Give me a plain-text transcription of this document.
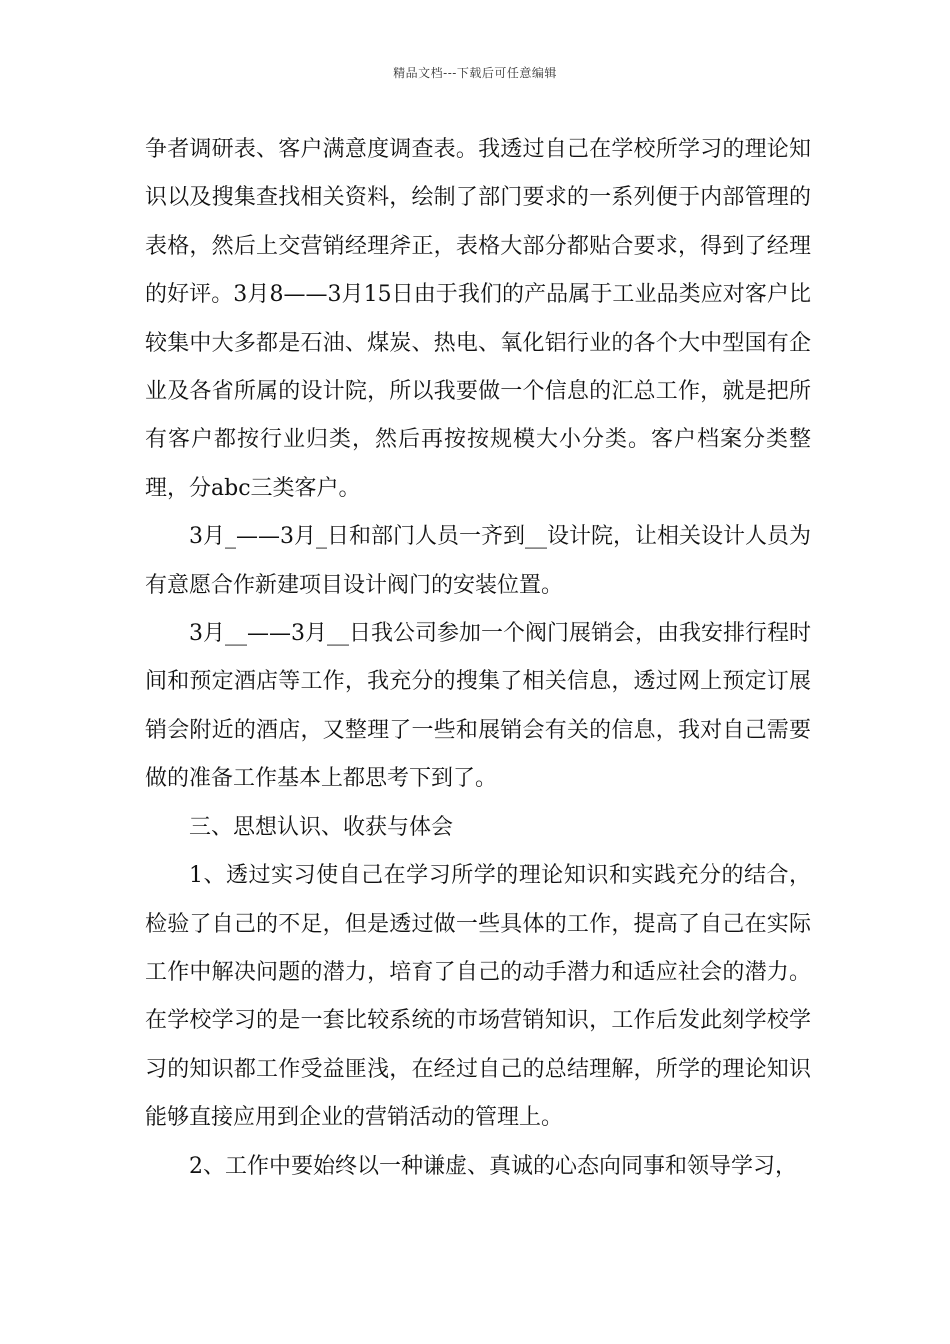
精品文档---下载后可任意编辑

争者调研表、客户满意度调查表。我透过自己在学校所学习的理论知识以及搜集查找相关资料，绘制了部门要求的一系列便于内部管理的表格，然后上交营销经理斧正，表格大部分都贴合要求，得到了经理的好评。3月8——3月15日由于我们的产品属于工业品类应对客户比较集中大多都是石油、煤炭、热电、氧化铝行业的各个大中型国有企业及各省所属的设计院，所以我要做一个信息的汇总工作，就是把所有客户都按行业归类，然后再按按规模大小分类。客户档案分类整理，分abc三类客户。

3月_——3月_日和部门人员一齐到__设计院，让相关设计人员为有意愿合作新建项目设计阀门的安装位置。

3月__——3月__日我公司参加一个阀门展销会，由我安排行程时间和预定酒店等工作，我充分的搜集了相关信息，透过网上预定订展销会附近的酒店，又整理了一些和展销会有关的信息，我对自己需要做的准备工作基本上都思考下到了。

三、思想认识、收获与体会

1、透过实习使自己在学习所学的理论知识和实践充分的结合，检验了自己的不足，但是透过做一些具体的工作，提高了自己在实际工作中解决问题的潜力，培育了自己的动手潜力和适应社会的潜力。在学校学习的是一套比较系统的市场营销知识，工作后发此刻学校学习的知识都工作受益匪浅，在经过自己的总结理解，所学的理论知识能够直接应用到企业的营销活动的管理上。

2、工作中要始终以一种谦虚、真诚的心态向同事和领导学习，
